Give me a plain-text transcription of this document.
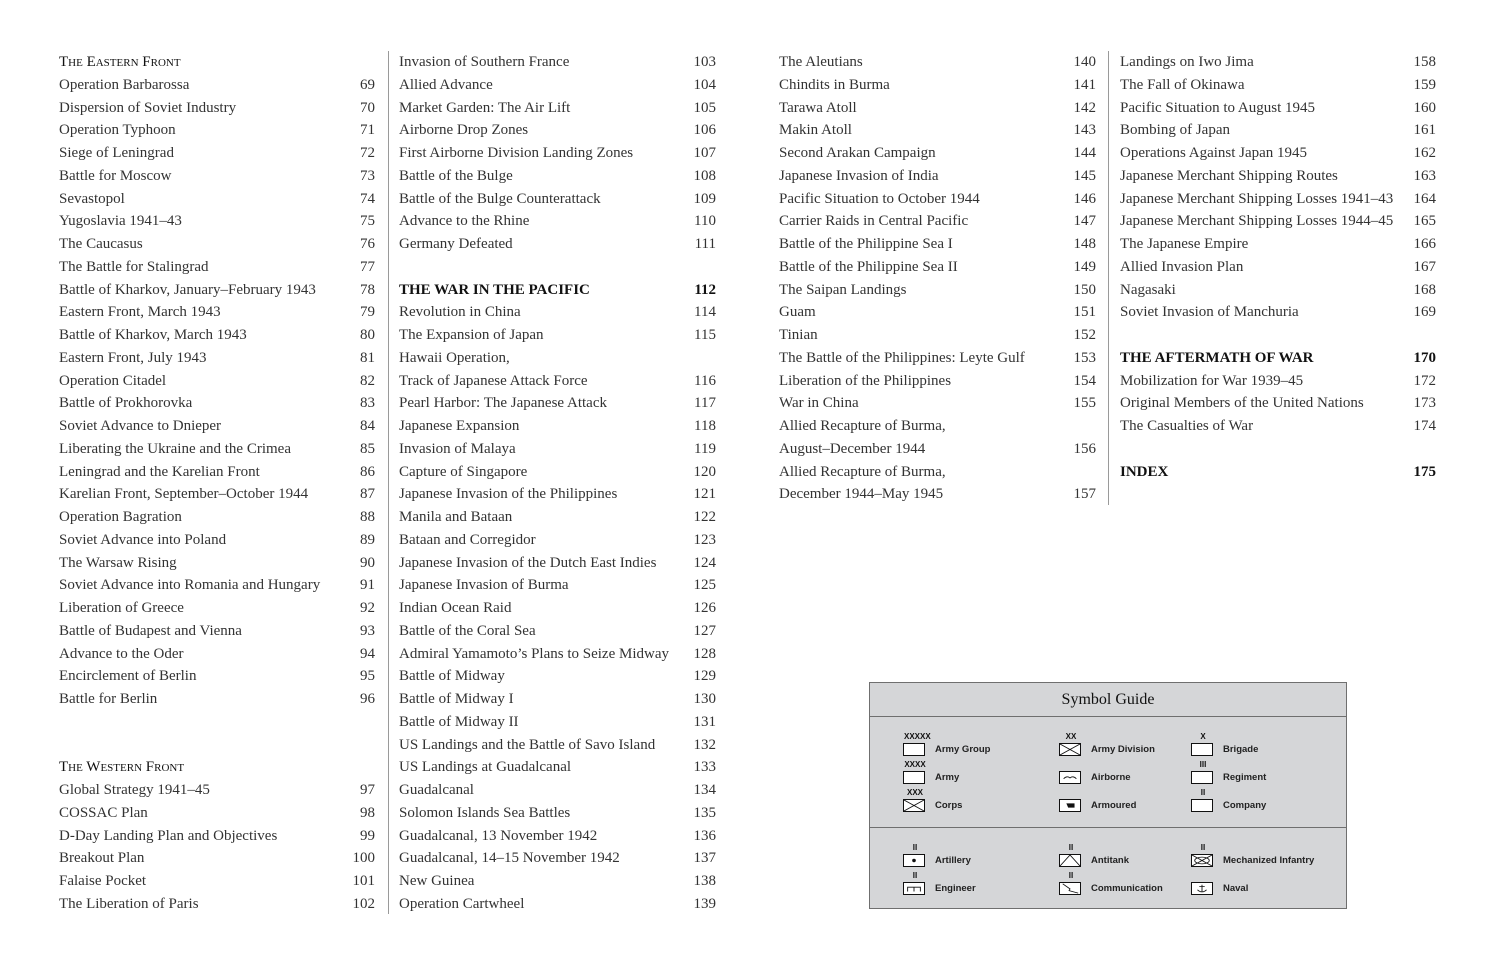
The Eastern Front
Operation Barbarossa	69
Dispersion of Soviet Industry	70
Operation Typhoon	71
Siege of Leningrad	72
Battle for Moscow	73
Sevastopol	74
Yugoslavia 1941–43	75
The Caucasus	76
The Battle for Stalingrad	77
Battle of Kharkov, January–February 1943	78
Eastern Front, March 1943	79
Battle of Kharkov, March 1943	80
Eastern Front, July 1943	81
Operation Citadel	82
Battle of Prokhorovka	83
Soviet Advance to Dnieper	84
Liberating the Ukraine and the Crimea	85
Leningrad and the Karelian Front	86
Karelian Front, September–October 1944	87
Operation Bagration	88
Soviet Advance into Poland	89
The Warsaw Rising	90
Soviet Advance into Romania and Hungary	91
Liberation of Greece	92
Battle of Budapest and Vienna	93
Advance to the Oder	94
Encirclement of Berlin	95
Battle for Berlin	96
The Western Front
Global Strategy 1941–45	97
COSSAC Plan	98
D-Day Landing Plan and Objectives	99
Breakout Plan	100
Falaise Pocket	101
The Liberation of Paris	102
Invasion of Southern France	103
Allied Advance	104
Market Garden: The Air Lift	105
Airborne Drop Zones	106
First Airborne Division Landing Zones	107
Battle of the Bulge	108
Battle of the Bulge Counterattack	109
Advance to the Rhine	110
Germany Defeated	111
THE WAR IN THE PACIFIC	112
Revolution in China	114
The Expansion of Japan	115
Hawaii Operation,
Track of Japanese Attack Force	116
Pearl Harbor: The Japanese Attack	117
Japanese Expansion	118
Invasion of Malaya	119
Capture of Singapore	120
Japanese Invasion of the Philippines	121
Manila and Bataan	122
Bataan and Corregidor	123
Japanese Invasion of the Dutch East Indies 124
Japanese Invasion of Burma	125
Indian Ocean Raid	126
Battle of the Coral Sea	127
Admiral Yamamoto’s Plans to Seize Midway 128
Battle of Midway	129
Battle of Midway I	130
Battle of Midway II	131
US Landings and the Battle of Savo Island	132
US Landings at Guadalcanal	133
Guadalcanal	134
Solomon Islands Sea Battles	135
Guadalcanal, 13 November 1942	136
Guadalcanal, 14–15 November 1942	137
New Guinea	138
Operation Cartwheel	139
The Aleutians	140
Chindits in Burma	141
Tarawa Atoll	142
Makin Atoll	143
Second Arakan Campaign	144
Japanese Invasion of India	145
Pacific Situation to October 1944	146
Carrier Raids in Central Pacific	147
Battle of the Philippine Sea I	148
Battle of the Philippine Sea II	149
The Saipan Landings	150
Guam	151
Tinian	152
The Battle of the Philippines: Leyte Gulf	153
Liberation of the Philippines	154
War in China	155
Allied Recapture of Burma,
August–December 1944	156
Allied Recapture of Burma,
December 1944–May 1945	157
Landings on Iwo Jima	158
The Fall of Okinawa	159
Pacific Situation to August 1945	160
Bombing of Japan	161
Operations Against Japan 1945	162
Japanese Merchant Shipping Routes	163
Japanese Merchant Shipping Losses 1941–43 164
Japanese Merchant Shipping Losses 1944–45 165
The Japanese Empire	166
Allied Invasion Plan	167
Nagasaki	168
Soviet Invasion of Manchuria	169
THE AFTERMATH OF WAR	170
Mobilization for War 1939–45	172
Original Members of the United Nations	173
The Casualties of War	174
INDEX	175
Symbol Guide
XXXXX
Army Group
XXXX
Army
XXX
Corps
XX
Army Division
Airborne
Armoured
X
Brigade
III
Regiment
II
Company
II
Artillery
II
Engineer
II
Antitank
II
Communication
II
Mechanized Infantry
Naval
